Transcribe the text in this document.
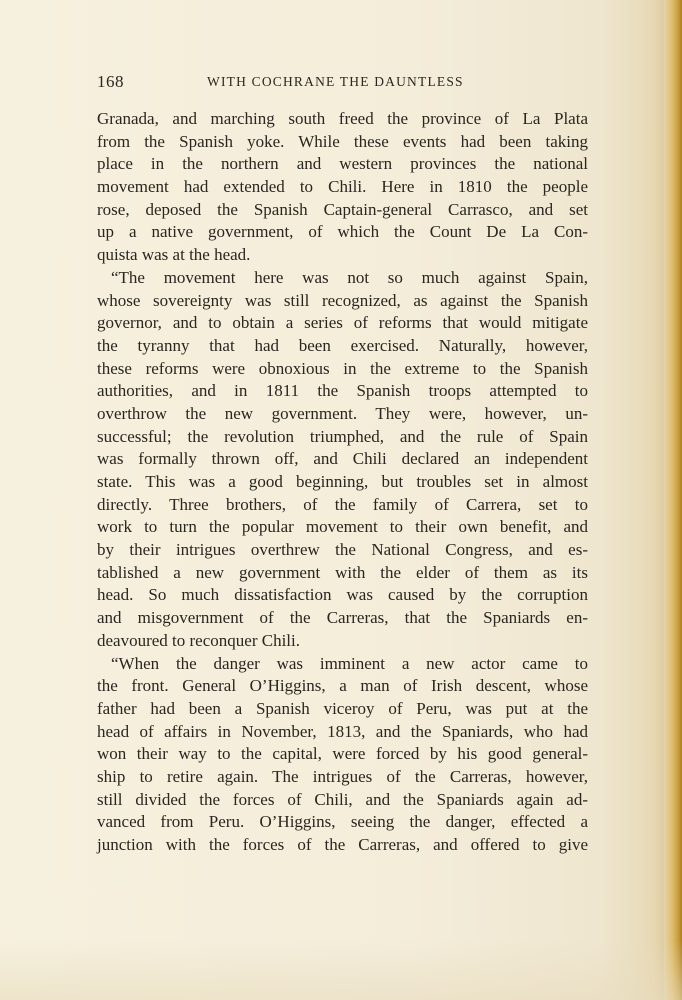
168	WITH COCHRANE THE DAUNTLESS
Granada, and marching south freed the province of La Plata
from the Spanish yoke. While these events had been taking
place in the northern and western provinces the national
movement had extended to Chili. Here in 1810 the people
rose, deposed the Spanish Captain-general Carrasco, and set
up a native government, of which the Count De La Con-
quista was at the head.
“The movement here was not so much against Spain,
whose sovereignty was still recognized, as against the Spanish
governor, and to obtain a series of reforms that would mitigate
the tyranny that had been exercised. Naturally, however,
these reforms were obnoxious in the extreme to the Spanish
authorities, and in 1811 the Spanish troops attempted to
overthrow the new government. They were, however, un-
successful; the revolution triumphed, and the rule of Spain
was formally thrown off, and Chili declared an independent
state. This was a good beginning, but troubles set in almost
directly. Three brothers, of the family of Carrera, set to
work to turn the popular movement to their own benefit, and
by their intrigues overthrew the National Congress, and es-
tablished a new government with the elder of them as its
head. So much dissatisfaction was caused by the corruption
and misgovernment of the Carreras, that the Spaniards en-
deavoured to reconquer Chili.
“When the danger was imminent a new actor came to
the front. General O’Higgins, a man of Irish descent, whose
father had been a Spanish viceroy of Peru, was put at the
head of affairs in November, 1813, and the Spaniards, who had
won their way to the capital, were forced by his good general-
ship to retire again. The intrigues of the Carreras, however,
still divided the forces of Chili, and the Spaniards again ad-
vanced from Peru. O’Higgins, seeing the danger, effected a
junction with the forces of the Carreras, and offered to give
